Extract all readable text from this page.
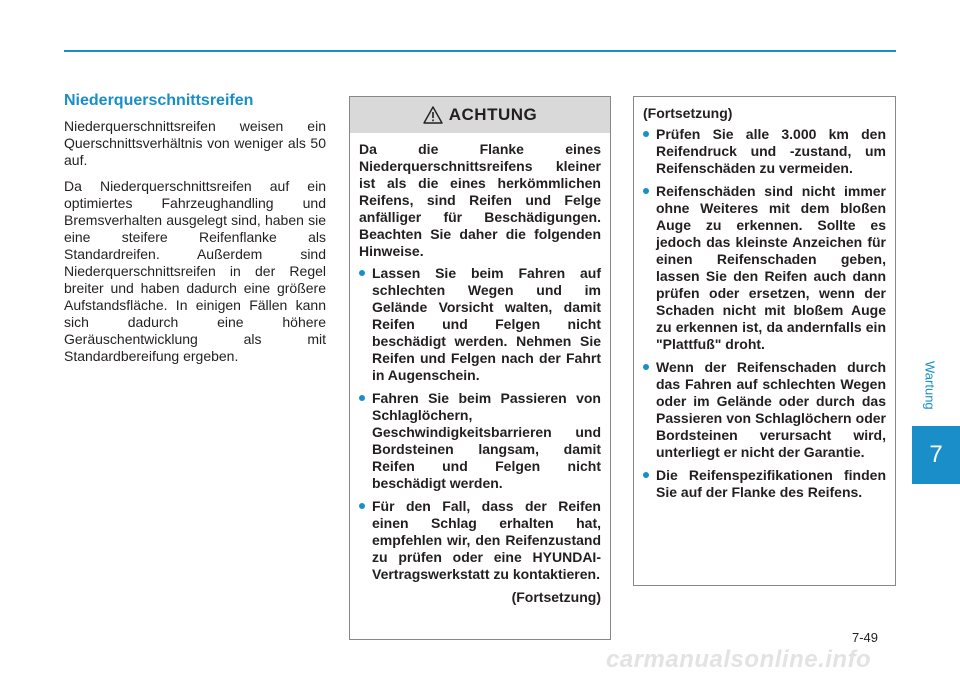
Wartung
7
Niederquerschnittsreifen

Niederquerschnittsreifen weisen ein Querschnittsverhältnis von weniger als 50 auf.

Da Niederquerschnittsreifen auf ein optimiertes Fahrzeughandling und Bremsverhalten ausgelegt sind, haben sie eine steifere Reifenflanke als Standardreifen. Außerdem sind Niederquerschnittsreifen in der Regel breiter und haben dadurch eine größere Aufstandsfläche. In einigen Fällen kann sich dadurch eine höhere Geräuschentwicklung als mit Standardbereifung ergeben.

ACHTUNG

Da die Flanke eines Niederquerschnittsreifens kleiner ist als die eines herkömmlichen Reifens, sind Reifen und Felge anfälliger für Beschädigungen. Beachten Sie daher die folgenden Hinweise.

Lassen Sie beim Fahren auf schlechten Wegen und im Gelände Vorsicht walten, damit Reifen und Felgen nicht beschädigt werden. Nehmen Sie Reifen und Felgen nach der Fahrt in Augenschein.
Fahren Sie beim Passieren von Schlaglöchern, Geschwindigkeitsbarrieren und Bordsteinen langsam, damit Reifen und Felgen nicht beschädigt werden.
Für den Fall, dass der Reifen einen Schlag erhalten hat, empfehlen wir, den Reifenzustand zu prüfen oder eine HYUNDAI-Vertragswerkstatt zu kontaktieren.
(Fortsetzung)
(Fortsetzung)
Prüfen Sie alle 3.000 km den Reifendruck und -zustand, um Reifenschäden zu vermeiden.
Reifenschäden sind nicht immer ohne Weiteres mit dem bloßen Auge zu erkennen. Sollte es jedoch das kleinste Anzeichen für einen Reifenschaden geben, lassen Sie den Reifen auch dann prüfen oder ersetzen, wenn der Schaden nicht mit bloßem Auge zu erkennen ist, da andernfalls ein "Plattfuß" droht.
Wenn der Reifenschaden durch das Fahren auf schlechten Wegen oder im Gelände oder durch das Passieren von Schlaglöchern oder Bordsteinen verursacht wird, unterliegt er nicht der Garantie.
Die Reifenspezifikationen finden Sie auf der Flanke des Reifens.
7-49
carmanualsonline.info
